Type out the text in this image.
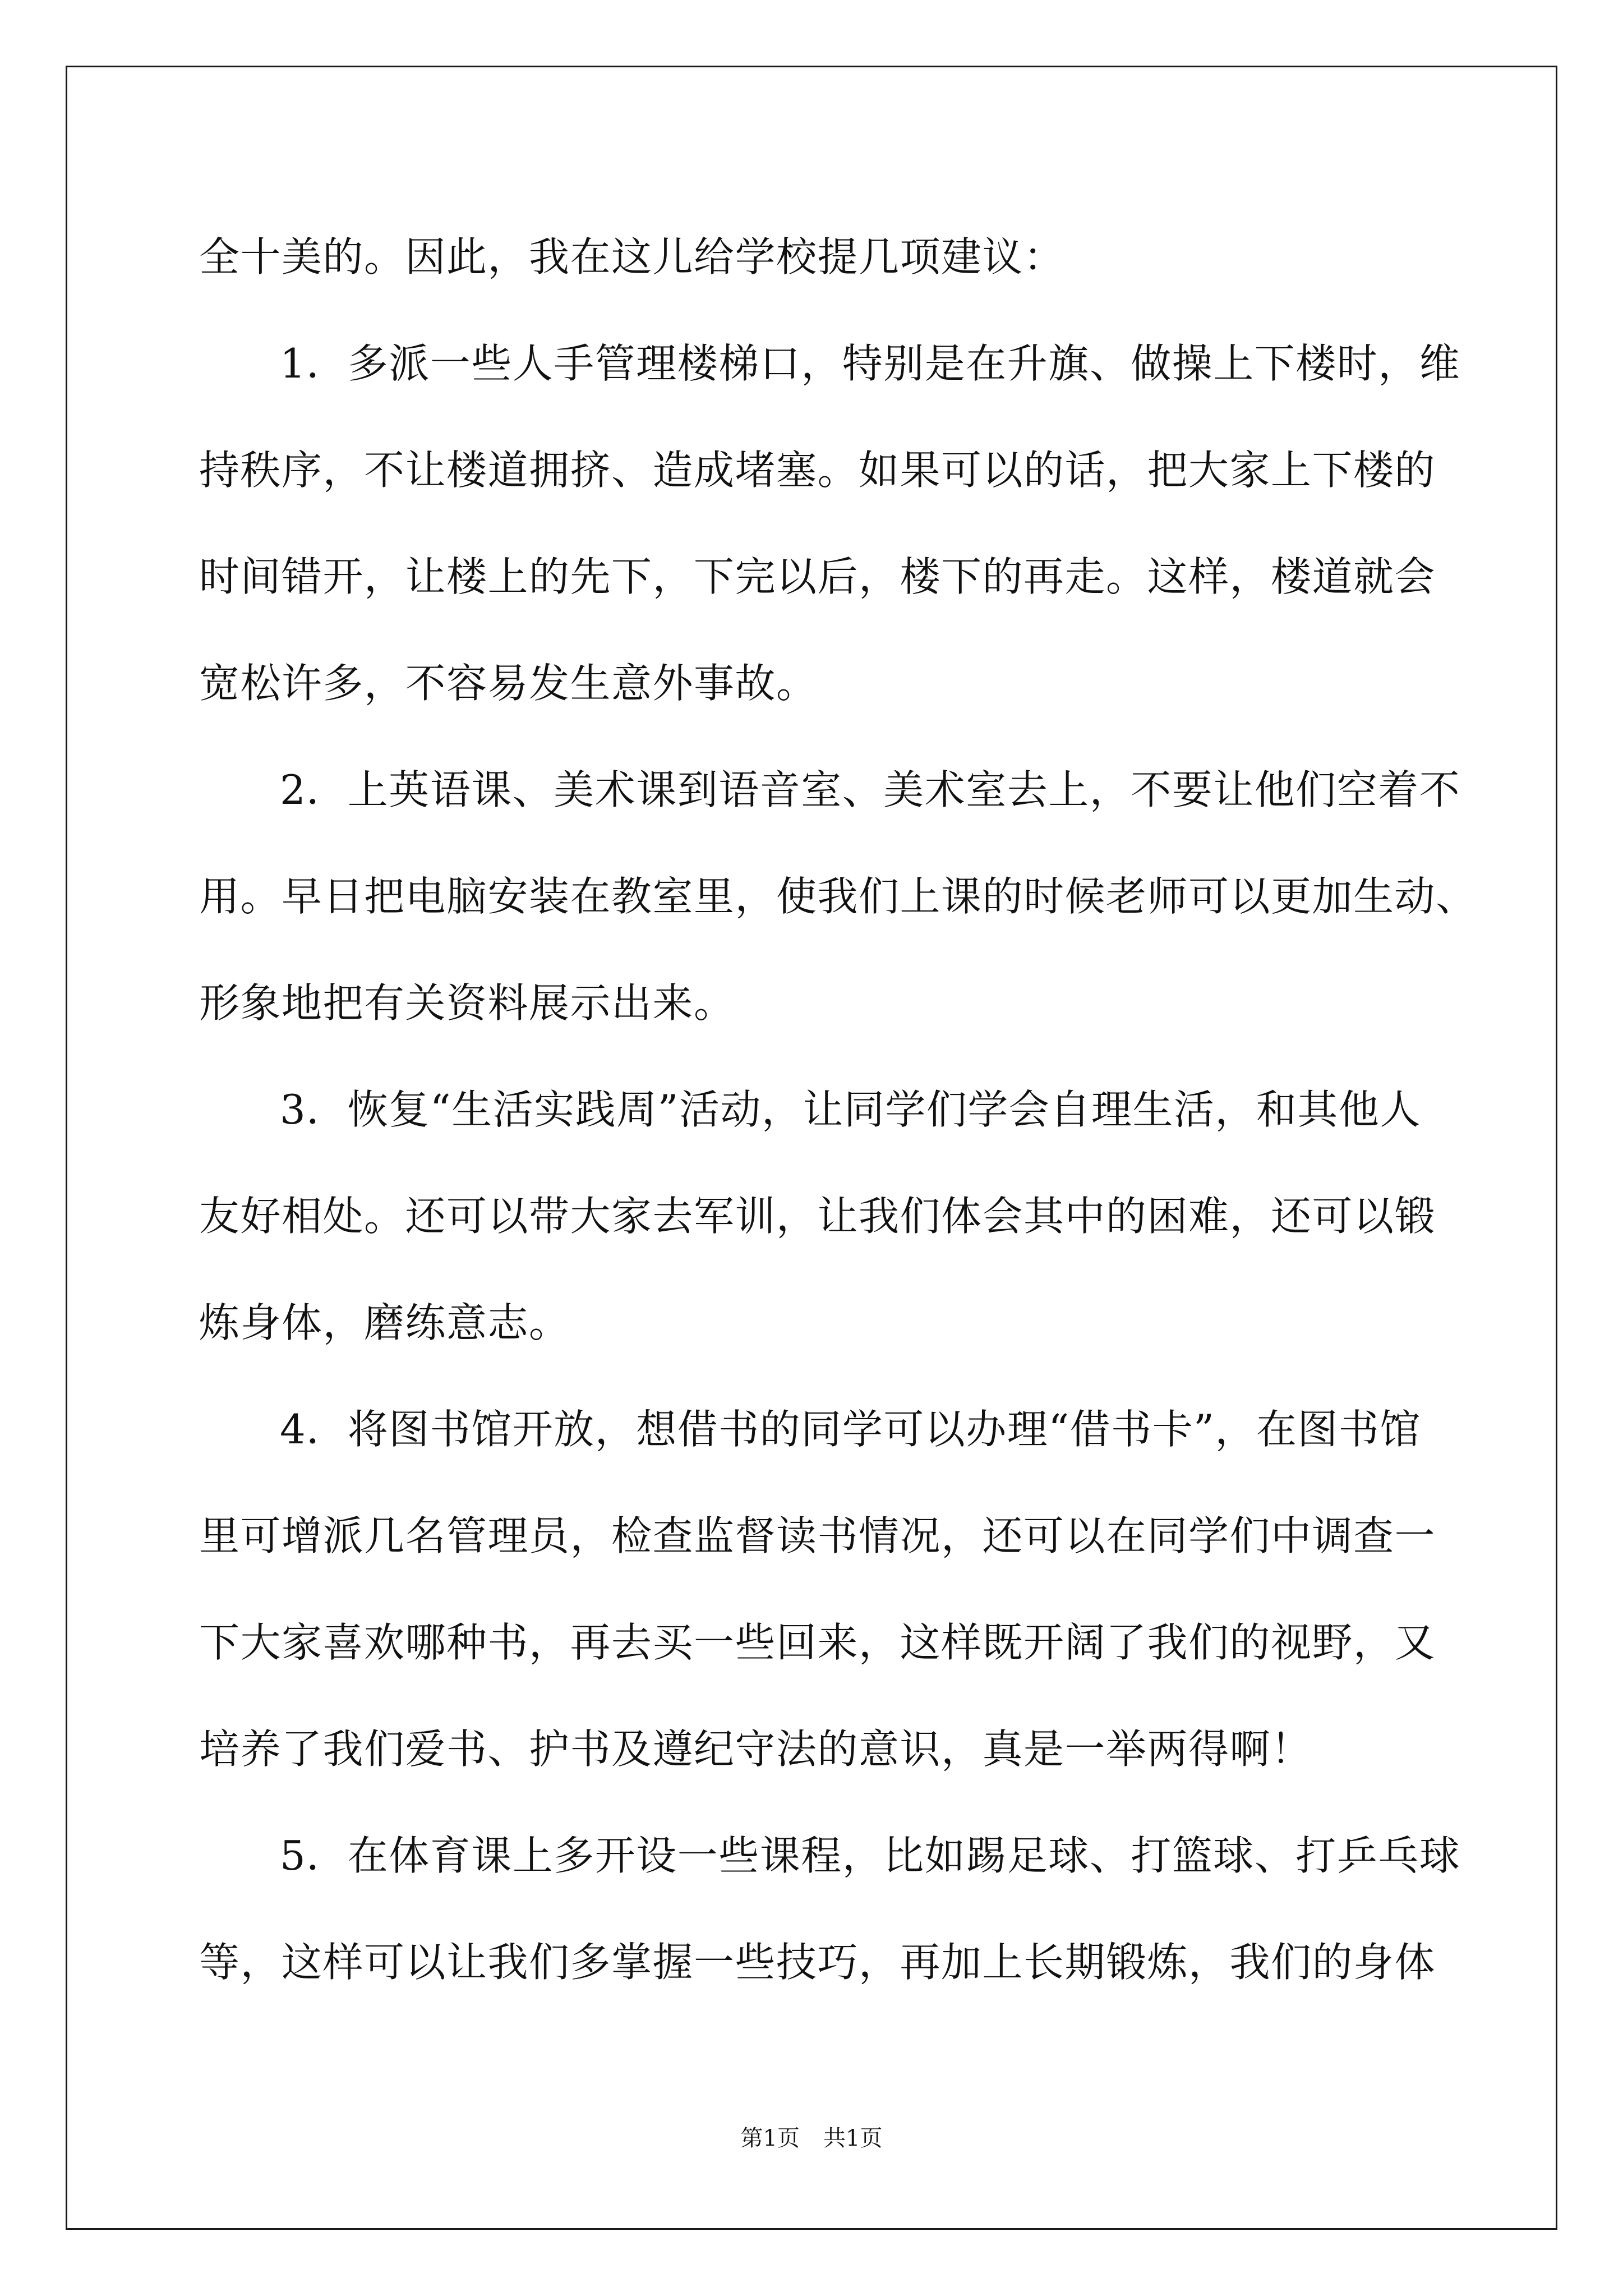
全十美的。因此，我在这儿给学校提几项建议：
1．多派一些人手管理楼梯口，特别是在升旗、做操上下楼时，维
持秩序，不让楼道拥挤、造成堵塞。如果可以的话，把大家上下楼的
时间错开，让楼上的先下，下完以后，楼下的再走。这样，楼道就会
宽松许多，不容易发生意外事故。
2．上英语课、美术课到语音室、美术室去上，不要让他们空着不
用。早日把电脑安装在教室里，使我们上课的时候老师可以更加生动、
形象地把有关资料展示出来。
3．恢复“生活实践周”活动，让同学们学会自理生活，和其他人
友好相处。还可以带大家去军训，让我们体会其中的困难，还可以锻
炼身体，磨练意志。
4．将图书馆开放，想借书的同学可以办理“借书卡”，在图书馆
里可增派几名管理员，检查监督读书情况，还可以在同学们中调查一
下大家喜欢哪种书，再去买一些回来，这样既开阔了我们的视野，又
培养了我们爱书、护书及遵纪守法的意识，真是一举两得啊！
5．在体育课上多开设一些课程，比如踢足球、打篮球、打乒乓球
等，这样可以让我们多掌握一些技巧，再加上长期锻炼，我们的身体
第1页 共1页
